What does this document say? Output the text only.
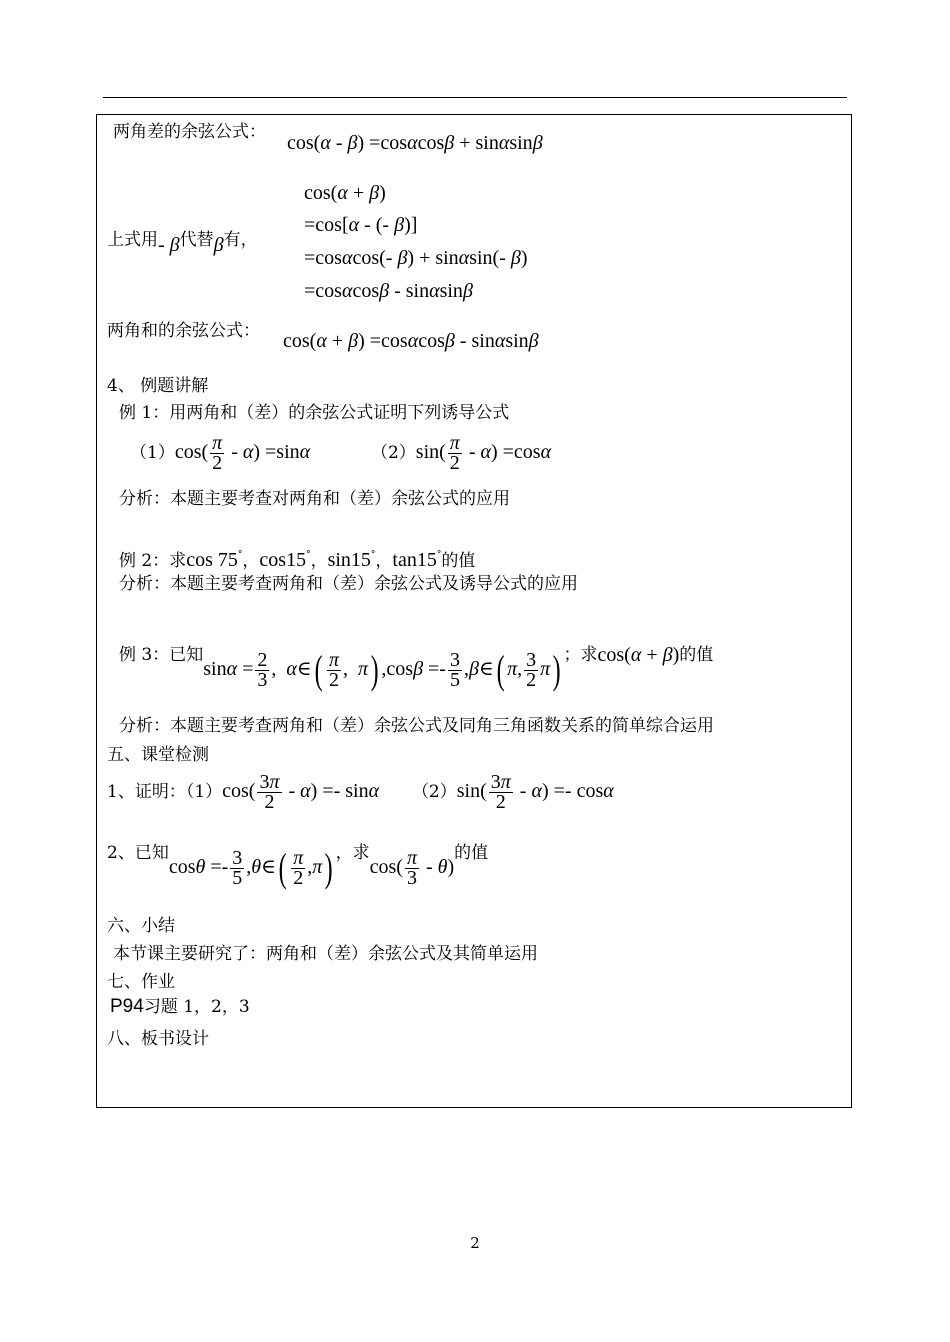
两角差的余弦公式： cos(α - β) =cosαcosβ + sinαsinβ
上式用- β代替β有，
cos(α + β)
=cos[α - (- β)]
=cosαcos(- β) + sinαsin(- β)
=cosαcosβ - sinαsinβ
两角和的余弦公式： cos(α + β) =cosαcosβ - sinαsinβ
4、 例题讲解
例 1：用两角和（差）的余弦公式证明下列诱导公式
$(1)\cos( \frac{\pi}{2} - \alpha) =\sin\alpha$	$(2)\sin( \frac{\pi}{2} - \alpha) =\cos\alpha$
分析：本题主要考查对两角和（差）余弦公式的应用
例 2：求cos 75°，cos15°，sin15°，tan15°的值
分析：本题主要考查两角和（差）余弦公式及诱导公式的应用
例 3：已知$\sin\alpha = \frac{2}{3}$ ,  α∈( $\frac{\pi}{2}$ ,  π) $,\cos\beta =- \frac{3}{5}$ ,β∈( π, $\frac{3}{2} \pi$) ；求cos(α + β)的值
分析：本题主要考查两角和（差）余弦公式及同角三角函数关系的简单综合运用
五、课堂检测
1、证明：$(1)\cos( \frac{3\pi}{2} - \alpha) =- \sin\alpha$ $(2)\sin( \frac{3\pi}{2} - \alpha) =- \cos\alpha$
2、已知$\cos\theta =- \frac{3}{5}$ ,θ∈( $\frac{\pi}{2} ,\pi$) ，求$\cos( \frac{\pi}{3} - \theta)$的值
六、小结
本节课主要研究了：两角和（差）余弦公式及其简单运用
七、作业
P94习题 1，2，3
八、板书设计
2
